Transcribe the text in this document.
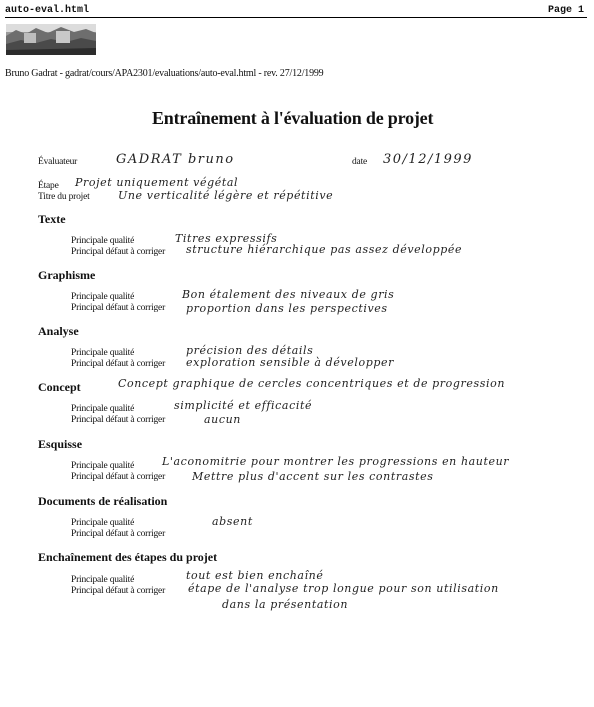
auto-eval.html	Page 1
Bruno Gadrat - gadrat/cours/APA2301/evaluations/auto-eval.html - rev. 27/12/1999
Entraînement à l'évaluation de projet
Évaluateur	GADRAT bruno	date 30/12/1999
Étape Projet uniquement végétal
Titre du projet	Une verticalité légère et répétitive
Texte
Principale qualité	Titres expressifs
Principal défaut à corriger structure hiérarchique pas assez développée
Graphisme
Principale qualité	Bon étalement des niveaux de gris
Principal défaut à corriger proportion dans les perspectives
Analyse
Principale qualité	précision des détails
Principal défaut à corriger exploration sensible à développer
Concept	Concept graphique de cercles concentriques et de progression
Principale qualité	simplicité et efficacité
Principal défaut à corriger	aucun
Esquisse
Principale qualité	L'aconomitrie pour montrer les progressions en hauteur
Principal défaut à corriger Mettre plus d'accent sur les contrastes
Documents de réalisation
Principale qualité	absent
Principal défaut à corriger
Enchaînement des étapes du projet
Principale qualité	tout est bien enchaîné
Principal défaut à corriger étape de l'analyse trop longue pour son utilisation
dans la présentation
